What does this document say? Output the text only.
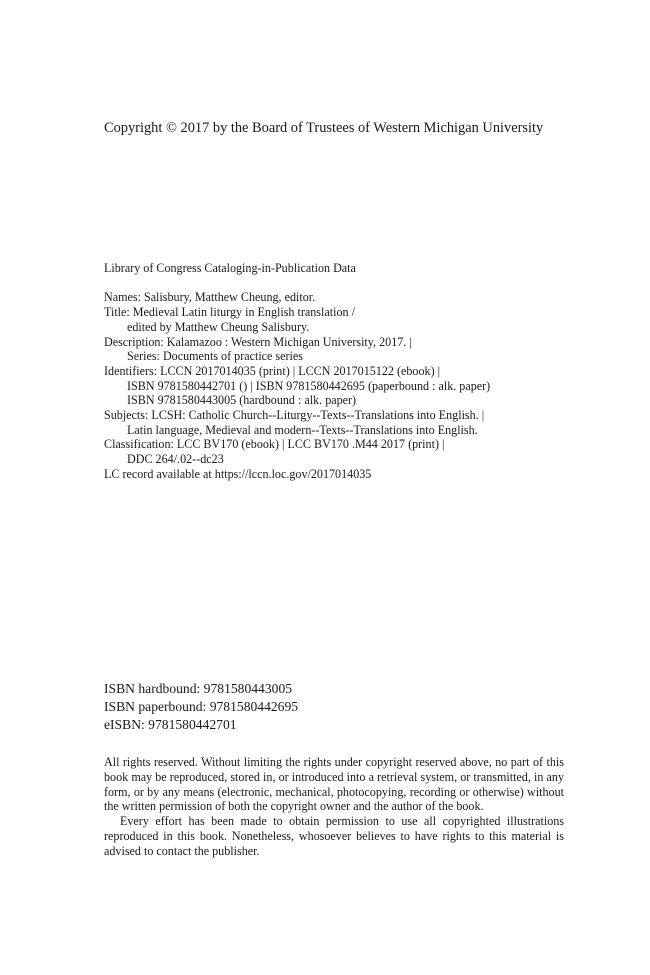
Copyright © 2017 by the Board of Trustees of Western Michigan University
Library of Congress Cataloging-in-Publication Data
Names: Salisbury, Matthew Cheung, editor.
Title: Medieval Latin liturgy in English translation /
edited by Matthew Cheung Salisbury.
Description: Kalamazoo : Western Michigan University, 2017. |
Series: Documents of practice series
Identifiers: LCCN 2017014035 (print) | LCCN 2017015122 (ebook) |
ISBN 9781580442701 () | ISBN 9781580442695 (paperbound : alk. paper)
ISBN 9781580443005 (hardbound : alk. paper)
Subjects: LCSH: Catholic Church--Liturgy--Texts--Translations into English. |
Latin language, Medieval and modern--Texts--Translations into English.
Classification: LCC BV170 (ebook) | LCC BV170 .M44 2017 (print) |
DDC 264/.02--dc23
LC record available at https://lccn.loc.gov/2017014035
ISBN hardbound: 9781580443005
ISBN paperbound: 9781580442695
eISBN: 9781580442701

All rights reserved. Without limiting the rights under copyright reserved above, no part of this book may be reproduced, stored in, or introduced into a retrieval system, or transmitted, in any form, or by any means (electronic, mechanical, photocopying, recording or otherwise) without the written permission of both the copyright owner and the author of the book.

Every effort has been made to obtain permission to use all copyrighted illustrations reproduced in this book. Nonetheless, whosoever believes to have rights to this material is advised to contact the publisher.
